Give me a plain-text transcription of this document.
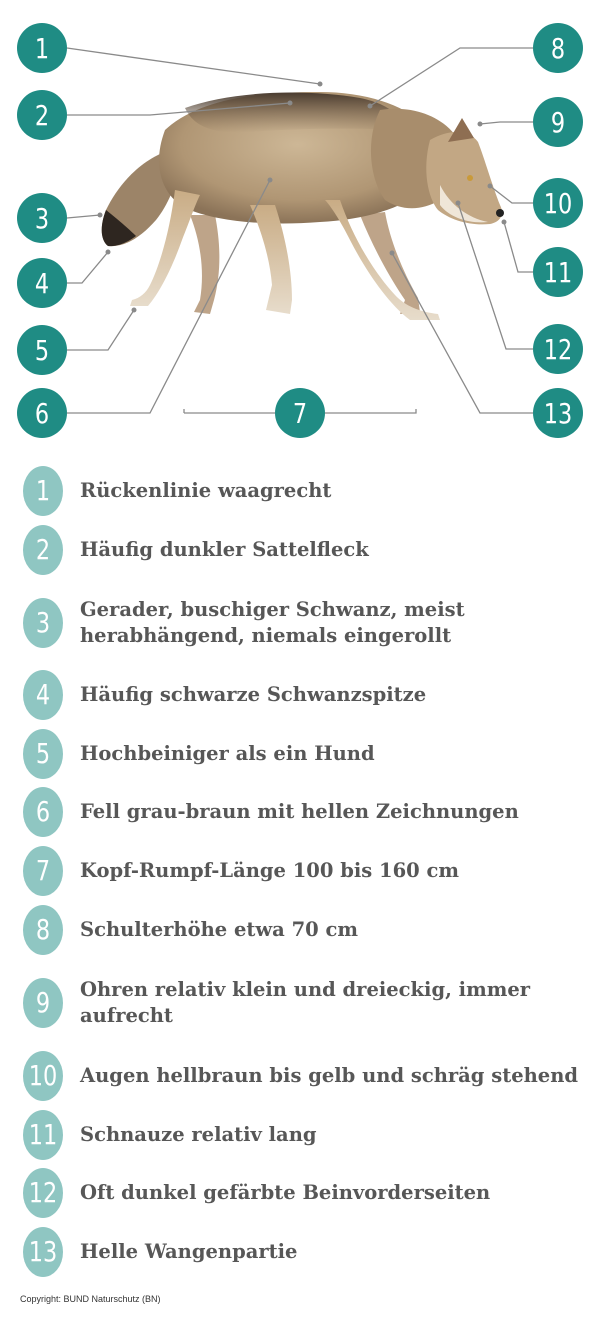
1
2
3
4
5
6	7
8
9
10
11
12
13
1	Rückenlinie waagrecht
2	Häufig dunkler Sattelfleck
3	Gerader, buschiger Schwanz, meist herabhängend, niemals eingerollt
4	Häufig schwarze Schwanzspitze
5	Hochbeiniger als ein Hund
6	Fell grau-braun mit hellen Zeichnungen
7	Kopf-Rumpf-Länge 100 bis 160 cm
8	Schulterhöhe etwa 70 cm
9	Ohren relativ klein und dreieckig, immer aufrecht
10 Augen hellbraun bis gelb und schräg stehend
11 Schnauze relativ lang
12 Oft dunkel gefärbte Beinvorderseiten
13 Helle Wangenpartie
Copyright: BUND Naturschutz (BN)
